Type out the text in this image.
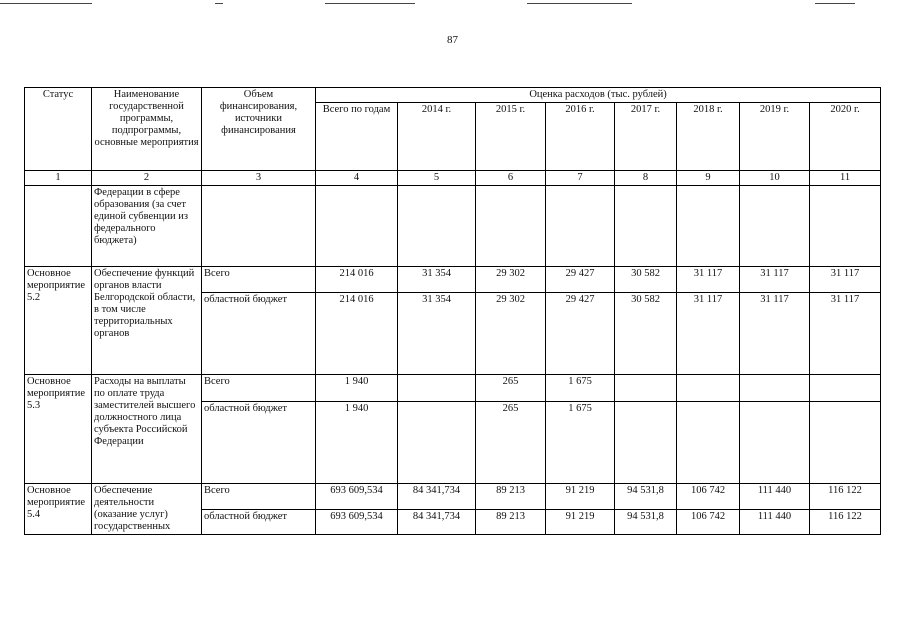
87
Статус	Наименование государственной программы, подпрограммы, основные мероприятия	Объем финансирования, источники финансирования	Оценка расходов (тыс. рублей)							
			Всего по годам	2014 г.	2015 г.	2016 г.	2017 г.	2018 г.	2019 г.	2020 г.
1	2	3	4	5	6	7	8	9	10	11
	Федерации в сфере образования (за счет единой субвенции из федерального бюджета)									
Основное мероприятие 5.2	Обеспечение функций органов власти Белгородской области, в том числе территориальных органов	Всего	214 016	31 354	29 302	29 427	30 582	31 117	31 117	31 117
		областной бюджет	214 016	31 354	29 302	29 427	30 582	31 117	31 117	31 117
Основное мероприятие 5.3	Расходы на выплаты по оплате труда заместителей высшего должностного лица субъекта Российской Федерации	Всего	1 940		265	1 675				
		областной бюджет	1 940		265	1 675				
Основное мероприятие 5.4	Обеспечение деятельности (оказание услуг) государственных	Всего	693 609,534	84 341,734	89 213	91 219	94 531,8	106 742	111 440	116 122
		областной бюджет	693 609,534	84 341,734	89 213	91 219	94 531,8	106 742	111 440	116 122
